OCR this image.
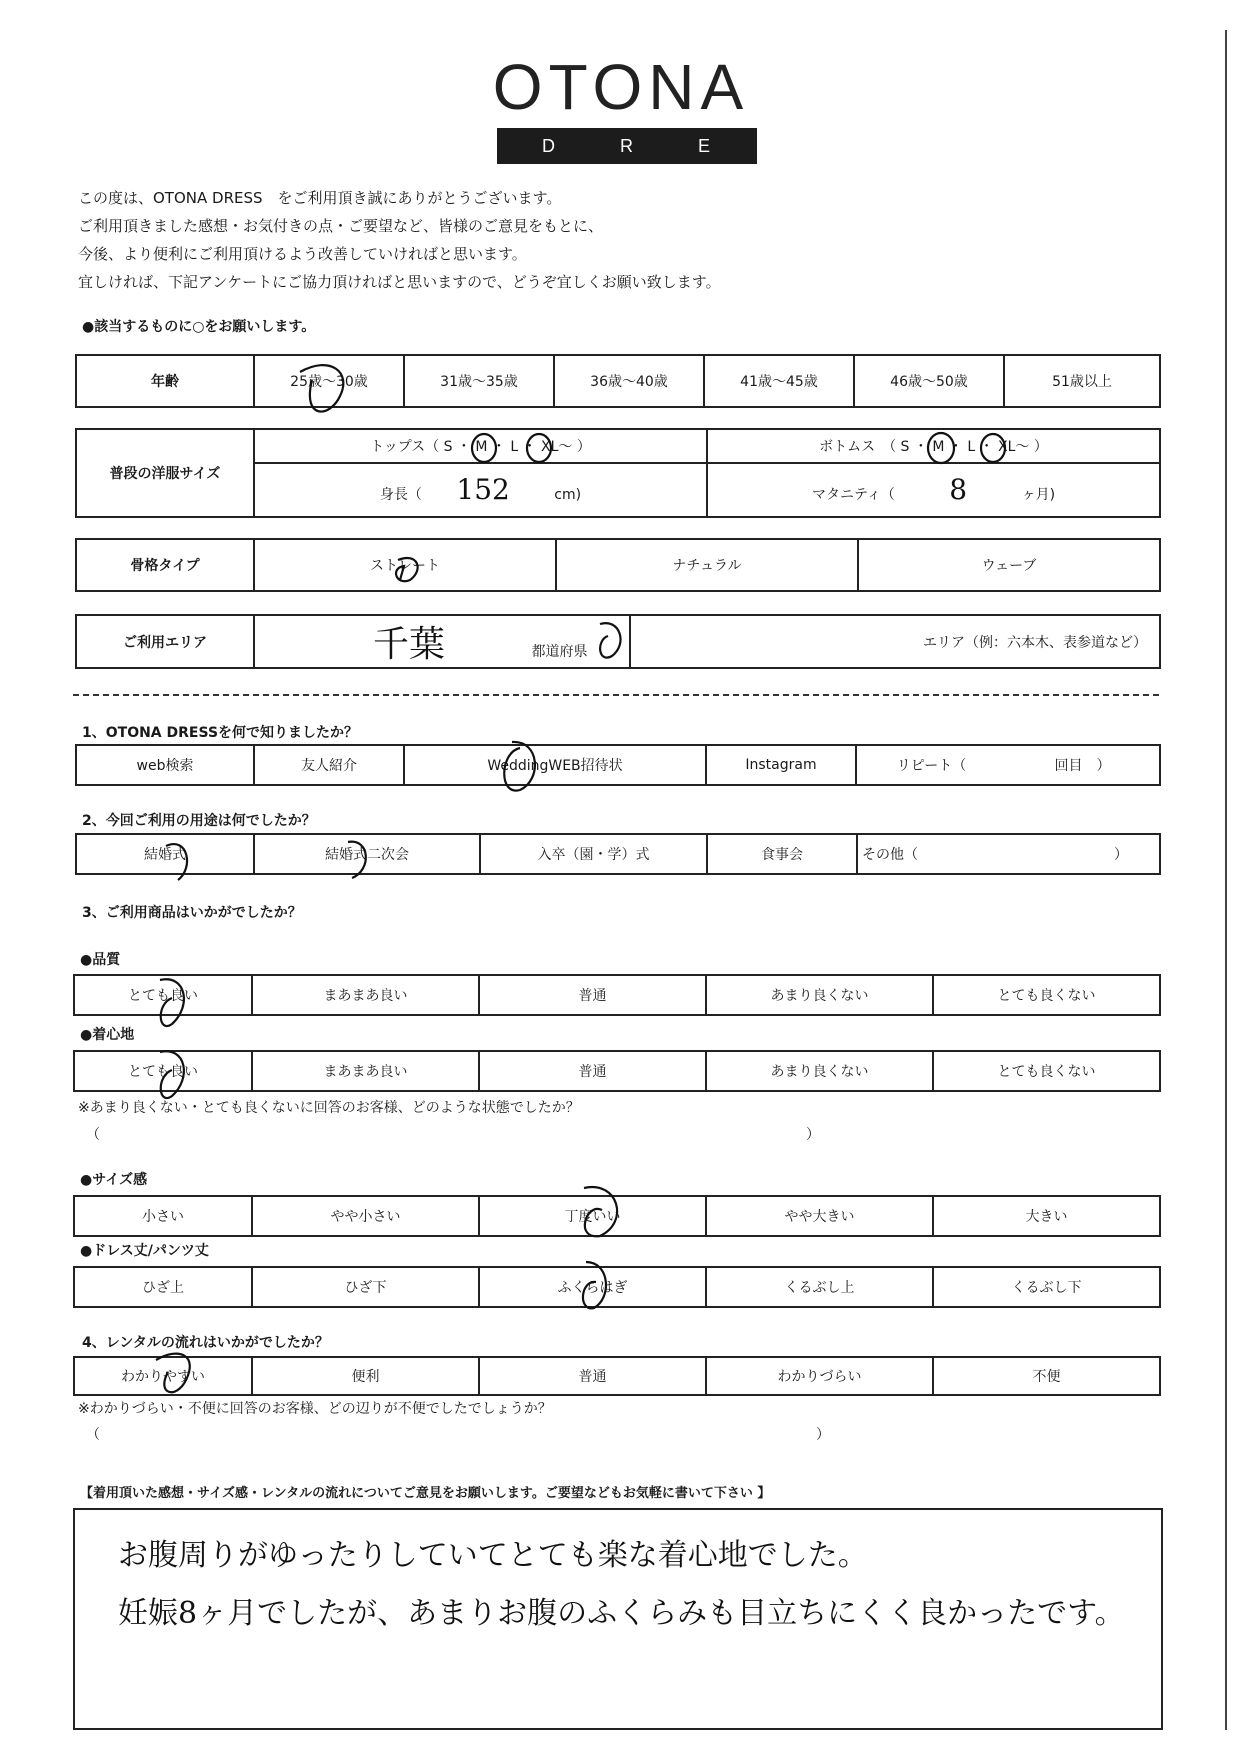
OTONA
D R E S S
この度は、OTONA DRESS　をご利用頂き誠にありがとうございます。
ご利用頂きました感想・お気付きの点・ご要望など、皆様のご意見をもとに、
今後、より便利にご利用頂けるよう改善していければと思います。
宜しければ、下記アンケートにご協力頂ければと思いますので、どうぞ宜しくお願い致します。
●該当するものに○をお願いします。
年齢	25歳～30歳	31歳～35歳	36歳～40歳	41歳～45歳	46歳～50歳	51歳以上
普段の洋服サイズ	トップス（ S ・ M ・ L ・ XL～ ）	ボトムス　（ S ・ M ・ L ・ XL～ ）
	身長（ 152 cm)	マタニティ（ 8 ヶ月)
骨格タイプ	ストレート	ナチュラル	ウェーブ
ご利用エリア	千葉	都道府県	エリア（例：六本木、表参道など）
1、OTONA DRESSを何で知りましたか？
web検索	友人紹介	WeddingWEB招待状	Instagram	リピート（	回目　）
2、今回ご利用の用途は何でしたか？
結婚式	結婚式二次会	入卒（園・学）式	食事会	その他（　　　　　　　　　　　　　　）
3、ご利用商品はいかがでしたか？
●品質
とても良い	まあまあ良い	普通	あまり良くない	とても良くない
●着心地
とても良い	まあまあ良い	普通	あまり良くない	とても良くない
※あまり良くない・とても良くないに回答のお客様、どのような状態でしたか？
（	）
●サイズ感
小さい	やや小さい	丁度いい	やや大きい	大きい
●ドレス丈/パンツ丈
ひざ上	ひざ下	ふくらはぎ	くるぶし上	くるぶし下
4、レンタルの流れはいかがでしたか？
わかりやすい	便利	普通	わかりづらい	不便
※わかりづらい・不便に回答のお客様、どの辺りが不便でしたでしょうか？
（	）
【着用頂いた感想・サイズ感・レンタルの流れについてご意見をお願いします。ご要望などもお気軽に書いて下さい 】
お腹周りがゆったりしていてとても楽な着心地でした。
妊娠8ヶ月でしたが、あまりお腹のふくらみも目立ちにくく良かったです。
